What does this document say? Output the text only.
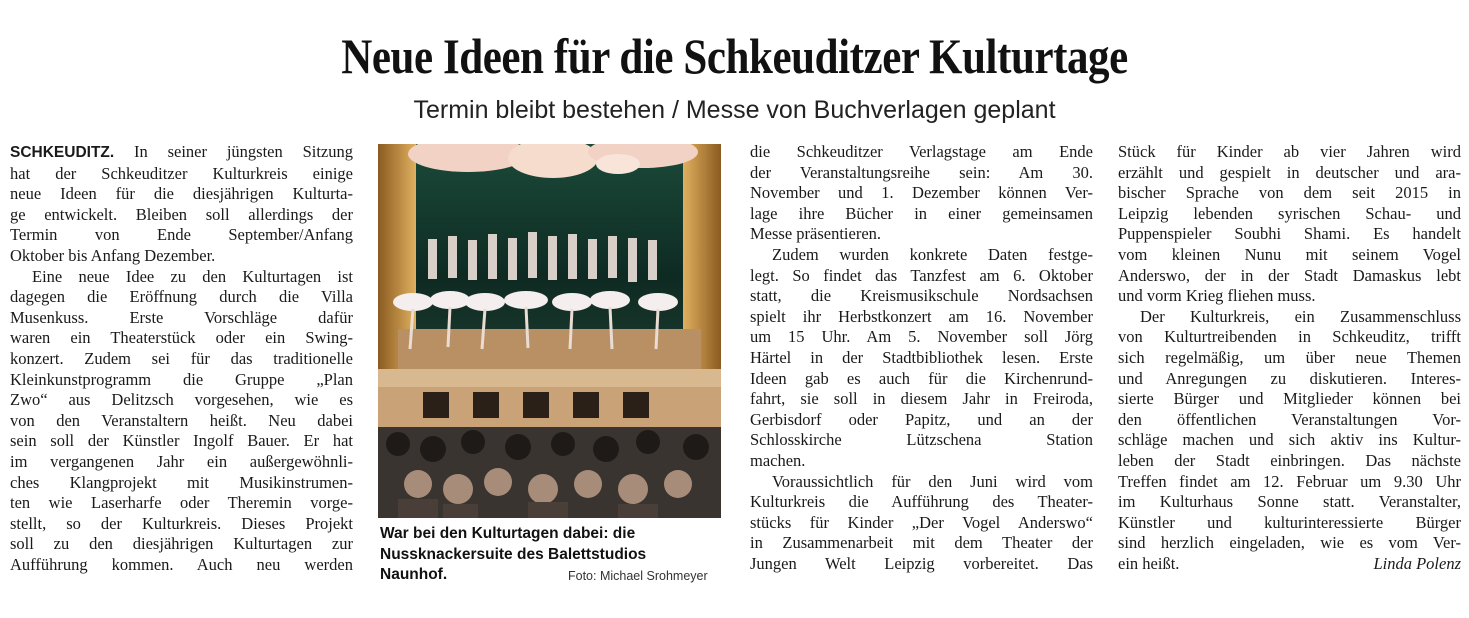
Neue Ideen für die Schkeuditzer Kulturtage
Termin bleibt bestehen / Messe von Buchverlagen geplant

SCHKEUDITZ. In seiner jüngsten Sitzung

hat der Schkeuditzer Kulturkreis einige

neue Ideen für die diesjährigen Kulturta-

ge entwickelt. Bleiben soll allerdings der

Termin von Ende September/Anfang

Oktober bis Anfang Dezember.

Eine neue Idee zu den Kulturtagen ist

dagegen die Eröffnung durch die Villa

Musenkuss. Erste Vorschläge dafür

waren ein Theaterstück oder ein Swing-

konzert. Zudem sei für das traditionelle

Kleinkunstprogramm die Gruppe „Plan

Zwo“ aus Delitzsch vorgesehen, wie es

von den Veranstaltern heißt. Neu dabei

sein soll der Künstler Ingolf Bauer. Er hat

im vergangenen Jahr ein außergewöhnli-

ches Klangprojekt mit Musikinstrumen-

ten wie Laserharfe oder Theremin vorge-

stellt, so der Kulturkreis. Dieses Projekt

soll zu den diesjährigen Kulturtagen zur

Aufführung kommen. Auch neu werden

War bei den Kulturtagen dabei: die
Nussknackersuite des Balettstudios
Naunhof.	Foto: Michael Srohmeyer

die Schkeuditzer Verlagstage am Ende

der Veranstaltungsreihe sein: Am 30.

November und 1. Dezember können Ver-

lage ihre Bücher in einer gemeinsamen

Messe präsentieren.

Zudem wurden konkrete Daten festge-

legt. So findet das Tanzfest am 6. Oktober

statt, die Kreismusikschule Nordsachsen

spielt ihr Herbstkonzert am 16. November

um 15 Uhr. Am 5. November soll Jörg

Härtel in der Stadtbibliothek lesen. Erste

Ideen gab es auch für die Kirchenrund-

fahrt, sie soll in diesem Jahr in Freiroda,

Gerbisdorf oder Papitz, und an der

Schlosskirche Lützschena Station

machen.

Voraussichtlich für den Juni wird vom

Kulturkreis die Aufführung des Theater-

stücks für Kinder „Der Vogel Anderswo“

in Zusammenarbeit mit dem Theater der

Jungen Welt Leipzig vorbereitet. Das

Stück für Kinder ab vier Jahren wird

erzählt und gespielt in deutscher und ara-

bischer Sprache von dem seit 2015 in

Leipzig lebenden syrischen Schau- und

Puppenspieler Soubhi Shami. Es handelt

vom kleinen Nunu mit seinem Vogel

Anderswo, der in der Stadt Damaskus lebt

und vorm Krieg fliehen muss.

Der Kulturkreis, ein Zusammenschluss

von Kulturtreibenden in Schkeuditz, trifft

sich regelmäßig, um über neue Themen

und Anregungen zu diskutieren. Interes-

sierte Bürger und Mitglieder können bei

den öffentlichen Veranstaltungen Vor-

schläge machen und sich aktiv ins Kultur-

leben der Stadt einbringen. Das nächste

Treffen findet am 12. Februar um 9.30 Uhr

im Kulturhaus Sonne statt. Veranstalter,

Künstler und kulturinteressierte Bürger

sind herzlich eingeladen, wie es vom Ver-

ein heißt.	Linda Polenz
